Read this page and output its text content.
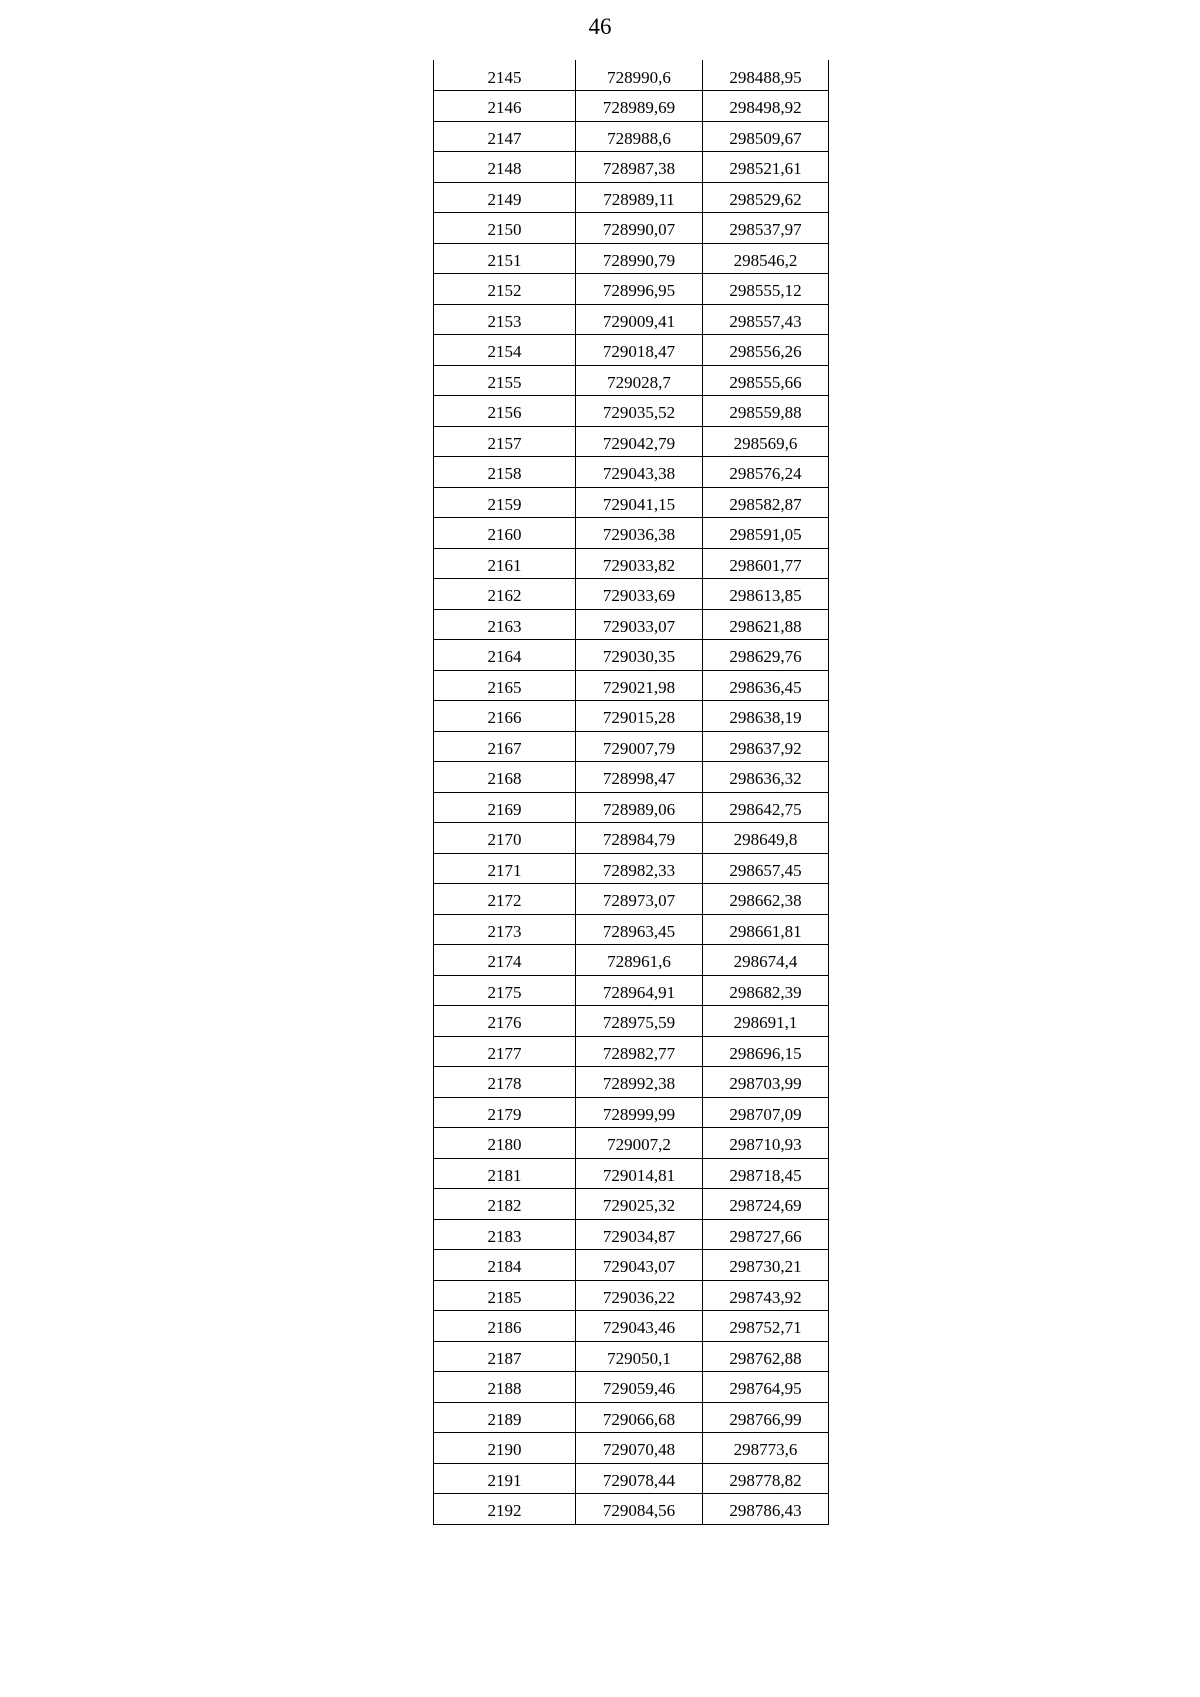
46
2145	728990,6	298488,95
2146	728989,69	298498,92
2147	728988,6	298509,67
2148	728987,38	298521,61
2149	728989,11	298529,62
2150	728990,07	298537,97
2151	728990,79	298546,2
2152	728996,95	298555,12
2153	729009,41	298557,43
2154	729018,47	298556,26
2155	729028,7	298555,66
2156	729035,52	298559,88
2157	729042,79	298569,6
2158	729043,38	298576,24
2159	729041,15	298582,87
2160	729036,38	298591,05
2161	729033,82	298601,77
2162	729033,69	298613,85
2163	729033,07	298621,88
2164	729030,35	298629,76
2165	729021,98	298636,45
2166	729015,28	298638,19
2167	729007,79	298637,92
2168	728998,47	298636,32
2169	728989,06	298642,75
2170	728984,79	298649,8
2171	728982,33	298657,45
2172	728973,07	298662,38
2173	728963,45	298661,81
2174	728961,6	298674,4
2175	728964,91	298682,39
2176	728975,59	298691,1
2177	728982,77	298696,15
2178	728992,38	298703,99
2179	728999,99	298707,09
2180	729007,2	298710,93
2181	729014,81	298718,45
2182	729025,32	298724,69
2183	729034,87	298727,66
2184	729043,07	298730,21
2185	729036,22	298743,92
2186	729043,46	298752,71
2187	729050,1	298762,88
2188	729059,46	298764,95
2189	729066,68	298766,99
2190	729070,48	298773,6
2191	729078,44	298778,82
2192	729084,56	298786,43
